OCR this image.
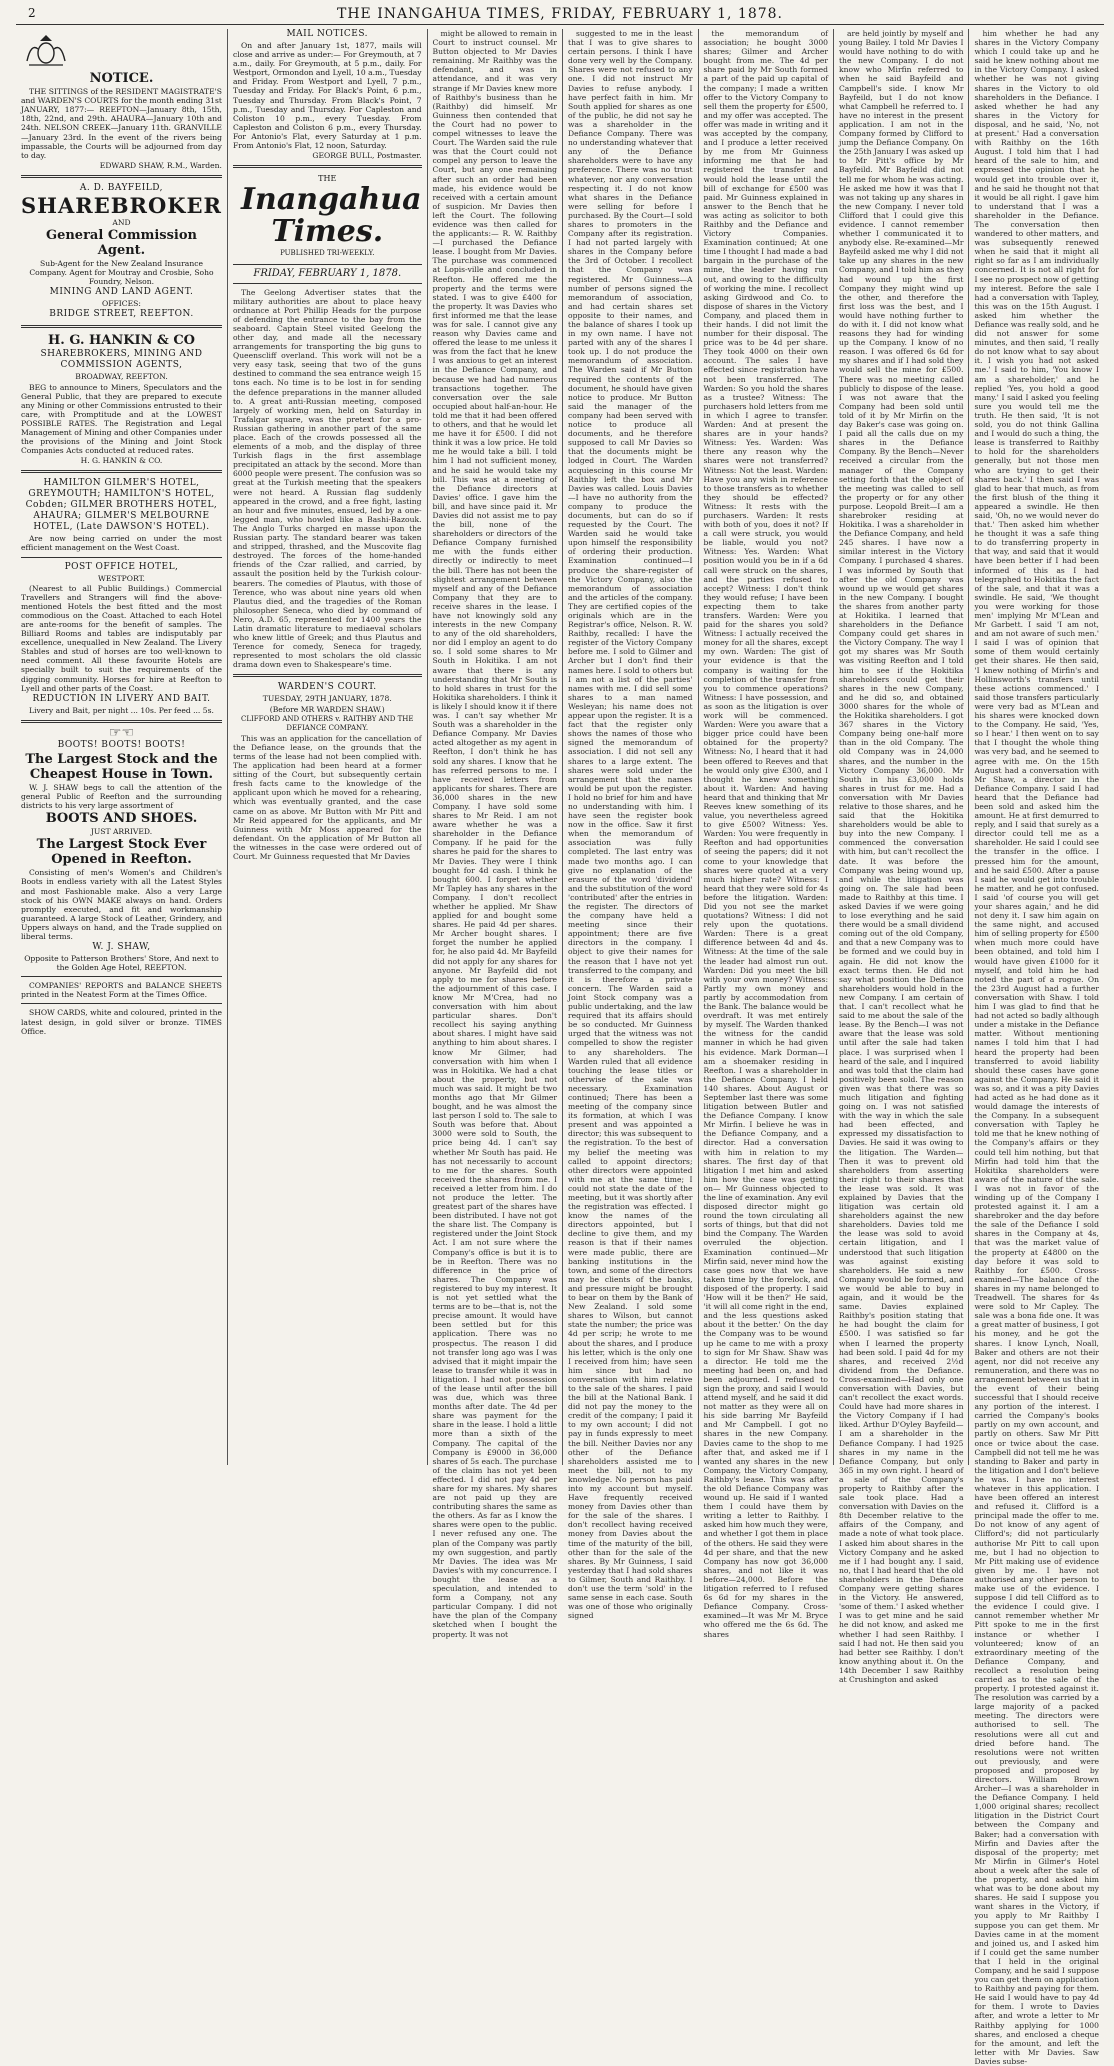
2	THE INANGAHUA TIMES, FRIDAY, FEBRUARY 1, 1878.

NOTICE.

THE SITTINGS of the RESIDENT MAGISTRATE'S and WARDEN'S COURTS for the month ending 31st JANUARY, 1877:— REEFTON—January 8th, 15th, 18th, 22nd, and 29th. AHAURA—January 10th and 24th. NELSON CREEK—January 11th. GRANVILLE—January 23rd. In the event of the rivers being impassable, the Courts will be adjourned from day to day.

EDWARD SHAW, R.M., Warden.

A. D. BAYFEILD,

SHAREBROKER

AND

General Commission Agent.

Sub-Agent for the New Zealand Insurance Company. Agent for Moutray and Crosbie, Soho Foundry, Nelson.

MINING AND LAND AGENT.

OFFICES:

BRIDGE STREET, REEFTON.

H. G. HANKIN & CO

SHAREBROKERS, MINING AND COMMISSION AGENTS,

BROADWAY, REEFTON.

BEG to announce to Miners, Speculators and the General Public, that they are prepared to execute any Mining or other Commissions entrusted to their care, with Promptitude and at the LOWEST POSSIBLE RATES. The Registration and Legal Management of Mining and other Companies under the provisions of the Mining and Joint Stock Companies Acts conducted at reduced rates.

H. G. HANKIN & CO.

HAMILTON GILMER'S HOTEL, GREYMOUTH; HAMILTON'S HOTEL, Cobden; GILMER BROTHERS HOTEL, AHAURA; GILMER'S MELBOURNE HOTEL, (Late DAWSON'S HOTEL).

Are now being carried on under the most efficient management on the West Coast.

POST OFFICE HOTEL,

WESTPORT.

(Nearest to all Public Buildings.) Commercial Travellers and Strangers will find the above-mentioned Hotels the best fitted and the most commodious on the Coast. Attached to each Hotel are ante-rooms for the benefit of samples. The Billiard Rooms and tables are indisputably par excellence, unequalled in New Zealand. The Livery Stables and stud of horses are too well-known to need comment. All these favourite Hotels are specially built to suit the requirements of the digging community. Horses for hire at Reefton to Lyell and other parts of the Coast.

REDUCTION IN LIVERY AND BAIT.

Livery and Bait, per night ... 10s. Per feed ... 5s.

☞☜

BOOTS! BOOTS! BOOTS!

The Largest Stock and the Cheapest House in Town.

W. J. SHAW begs to call the attention of the general Public of Reefton and the surrounding districts to his very large assortment of

BOOTS AND SHOES.

JUST ARRIVED.

The Largest Stock Ever Opened in Reefton.

Consisting of men's Women's and Children's Boots in endless variety with all the Latest Styles and most Fashionable make. Also a very Large stock of his OWN MAKE always on hand. Orders promptly executed, and fit and workmanship guaranteed. A large Stock of Leather, Grindery, and Uppers always on hand, and the Trade supplied on liberal terms.

W. J. SHAW,

Opposite to Patterson Brothers' Store, And next to the Golden Age Hotel, REEFTON.

COMPANIES' REPORTS and BALANCE SHEETS printed in the Neatest Form at the Times Office.

SHOW CARDS, white and coloured, printed in the latest design, in gold silver or bronze. TIMES Office.

MAIL NOTICES.

On and after January 1st, 1877, mails will close and arrive as under:— For Greymouth, at 7 a.m., daily. For Greymouth, at 5 p.m., daily. For Westport, Ormondon and Lyell, 10 a.m., Tuesday and Friday. From Westport and Lyell, 7 p.m., Tuesday and Friday. For Black's Point, 6 p.m., Tuesday and Thursday. From Black's Point, 7 p.m., Tuesday and Thursday. For Capleston and Coliston 10 p.m., every Tuesday. From Capleston and Coliston 6 p.m., every Thursday. For Antonio's Flat, every Saturday at 1 p.m. From Antonio's Flat, 12 noon, Saturday.

GEORGE BULL, Postmaster.

THE

Inangahua Times.

PUBLISHED TRI-WEEKLY.

FRIDAY, FEBRUARY 1, 1878.

The Geelong Advertiser states that the military authorities are about to place heavy ordnance at Port Phillip Heads for the purpose of defending the entrance to the bay from the seaboard. Captain Steel visited Geelong the other day, and made all the necessary arrangements for transporting the big guns to Queenscliff overland. This work will not be a very easy task, seeing that two of the guns destined to command the sea entrance weigh 15 tons each. No time is to be lost in for sending the defence preparations in the manner alluded to. A great anti-Russian meeting, composed largely of working men, held on Saturday in Trafalgar square, was the pretext for a pro-Russian gathering in another part of the same place. Each of the crowds possessed all the elements of a mob, and the display of three Turkish flags in the first assemblage precipitated an attack by the second. More than 6000 people were present. The confusion was so great at the Turkish meeting that the speakers were not heard. A Russian flag suddenly appeared in the crowd, and a free fight, lasting an hour and five minutes, ensued, led by a one-legged man, who howled like a Bashi-Bazouk. The Anglo Turks charged en masse upon the Russian party. The standard bearer was taken and stripped, thrashed, and the Muscovite flag destroyed. The forces of the home-handed friends of the Czar rallied, and carried, by assault the position held by the Turkish colour-bearers. The comedies of Plautus, with those of Terence, who was about nine years old when Plautus died, and the tragedies of the Roman philosopher Seneca, who died by command of Nero, A.D. 65, represented for 1400 years the Latin dramatic literature to mediaeval scholars who knew little of Greek; and thus Plautus and Terence for comedy, Seneca for tragedy, represented to most scholars the old classic drama down even to Shakespeare's time.

WARDEN'S COURT.

TUESDAY, 29TH JANUARY, 1878.

(Before MR WARDEN SHAW.)

CLIFFORD AND OTHERS v. RAITHBY AND THE DEFIANCE COMPANY.

This was an application for the cancellation of the Defiance lease, on the grounds that the terms of the lease had not been complied with. The application had been heard at a former sitting of the Court, but subsequently certain fresh facts came to the knowledge of the applicant upon which he moved for a rehearing, which was eventually granted, and the case came on as above. Mr Button with Mr Pitt and Mr Reid appeared for the applicants, and Mr Guinness with Mr Moss appeared for the defendant. On the application of Mr Button all the witnesses in the case were ordered out of Court. Mr Guinness requested that Mr Davies

might be allowed to remain in Court to instruct counsel. Mr Button objected to Mr Davies remaining. Mr Raithby was the defendant, and was in attendance, and it was very strange if Mr Davies knew more of Raithby's business than he (Raithby) did himself. Mr Guinness then contended that the Court had no power to compel witnesses to leave the Court. The Warden said the rule was that the Court could not compel any person to leave the Court, but any one remaining after such an order had been made, his evidence would be received with a certain amount of suspicion. Mr Davies then left the Court. The following evidence was then called for the applicants:— R. W. Raithby—I purchased the Defiance lease. I bought from Mr Davies. The purchase was commenced at Lopis-ville and concluded in Reefton. He offered me the property and the terms were stated. I was to give £400 for the property. It was Davies who first informed me that the lease was for sale. I cannot give any reason why Davies came and offered the lease to me unless it was from the fact that he knew I was anxious to get an interest in the Defiance Company, and because we had had numerous transactions together. The conversation over the sale occupied about half-an-hour. He told me that it had been offered to others, and that he would let me have it for £500. I did not think it was a low price. He told me he would take a bill. I told him I had not sufficient money, and he said he would take my bill. This was at a meeting of the Defiance directors at Davies' office. I gave him the bill, and have since paid it. Mr Davies did not assist me to pay the bill, none of the shareholders or directors of the Defiance Company furnished me with the funds either directly or indirectly to meet the bill. There has not been the slightest arrangement between myself and any of the Defiance Company that they are to receive shares in the lease. I have not knowingly sold any interests in the new Company to any of the old shareholders, nor did I employ an agent to do so. I sold some shares to Mr South in Hokitika. I am not aware that there is any understanding that Mr South is to hold shares in trust for the Hokitika shareholders. I think it is likely I should know it if there was. I can't say whether Mr South was a shareholder in the Defiance Company. Mr Davies acted altogether as my agent in Reefton, I don't think he has sold any shares. I know that he has referred persons to me. I have received letters from applicants for shares. There are 36,000 shares in the new Company. I have sold some shares to Mr Reid. I am not aware whether he was a shareholder in the Defiance Company. If he paid for the shares he paid for the shares to Mr Davies. They were I think bought for 4d cash. I think he bought 600. I forget whether Mr Tapley has any shares in the Company. I don't recollect whether he applied. Mr Shaw applied for and bought some shares. He paid 4d per shares. Mr Archer bought shares. I forget the number he applied for, he also paid 4d. Mr Bayfeild did not apply for any shares for anyone. Mr Bayfeild did not apply to me for shares before the adjournment of this case. I know Mr M'Crea, had no conversation with him about particular shares. Don't recollect his saying anything about shares. I might have said anything to him about shares. I know Mr Gilmer, had conversation with him when I was in Hokitika. We had a chat about the property, but not much was said. It might be two months ago that Mr Gilmer bought, and he was almost the last person I sold to. The sale to South was before that. About 3000 were sold to South, the price being 4d. I can't say whether Mr South has paid. He has not necessarily to account to me for the shares. South received the shares from me. I received a letter from him. I do not produce the letter. The greatest part of the shares have been distributed. I have not got the share list. The Company is registered under the Joint Stock Act. I am not sure where the Company's office is but it is to be in Reefton. There was no difference in the price of shares. The Company was registered to buy my interest. It is not yet settled what the terms are to be—that is, not the precise amount. It would have been settled but for this application. There was no prospectus. The reason I did not transfer long ago was I was advised that it might impair the lease to transfer while it was in litigation. I had not possession of the lease until after the bill was due, which was three months after date. The 4d per share was payment for the share in the lease. I hold a little more than a sixth of the Company. The capital of the Company is £9000 in 36,000 shares of 5s each. The purchase of the claim has not yet been effected. I did not pay 4d per share for my shares. My shares are not paid up they are contributing shares the same as the others. As far as I know the shares were open to the public. I never refused any one. The plan of the Company was partly my own suggestion, and partly Mr Davies. The idea was Mr Davies's with my concurrence. I bought the lease as a speculation, and intended to form a Company, not any particular Company. I did not have the plan of the Company sketched when I bought the property. It was not

suggested to me in the least that I was to give shares to certain persons. I think I have done very well by the Company. Shares were not refused to any one. I did not instruct Mr Davies to refuse anybody. I have perfect faith in him. Mr South applied for shares as one of the public, he did not say he was a shareholder in the Defiance Company. There was no understanding whatever that any of the Defiance shareholders were to have any preference. There was no trust whatever, nor any conversation respecting it. I do not know what shares in the Defiance were selling for before I purchased. By the Court—I sold shares to promoters in the Company after its registration. I had not parted largely with shares in the Company before the 3rd of October. I recollect that the Company was registered. Mr Guinness—A number of persons signed the memorandum of association, and had certain shares set opposite to their names, and the balance of shares I took up in my own name. I have not parted with any of the shares I took up. I do not produce the memorandum of association. The Warden said if Mr Button required the contents of the document, he should have given notice to produce. Mr Button said the manager of the company had been served with notice to produce all documents, and he therefore supposed to call Mr Davies so that the documents might be lodged in Court. The Warden acquiescing in this course Mr Raithby left the box and Mr Davies was called. Louis Davies—I have no authority from the company to produce the documents, but can do so if requested by the Court. The Warden said he would take upon himself the responsibility of ordering their production. Examination continued—I produce the share-register of the Victory Company, also the memorandum of association and the articles of the company. They are certified copies of the originals which are in the Registrar's office, Nelson. R. W. Raithby, recalled: I have the register of the Victory Company before me. I sold to Gilmer and Archer but I don't find their names here. I sold to others but I am not a list of the parties' names with me. I did sell some shares to a man named Wesleyan; his name does not appear upon the register. It is a fact that the register only shows the names of those who signed the memorandum of association. I did not sell any shares to a large extent. The shares were sold under the arrangement that the names would be put upon the register. I hold no brief for him and have no understanding with him. I have seen the register book now in the office. Saw it first when the memorandum of association was fully completed. The last entry was made two months ago. I can give no explanation of the erasure of the word 'dividend' and the substitution of the word 'contributed' after the entries in the register. The directors of the company have held a meeting since their appointment; there are five directors in the company. I object to give their names for the reason that I have not yet transferred to the company, and it is therefore a private concern. The Warden said a Joint Stock company was a public undertaking, and the law required that its affairs should be so conducted. Mr Guinness urged that the witness was not compelled to show the register to any shareholders. The Warden ruled that all evidence touching the lease titles or otherwise of the sale was necessary. Examination continued; There has been a meeting of the company since its formation, at which I was present and was appointed a director; this was subsequent to the registration. To the best of my belief the meeting was called to appoint directors; other directors were appointed with me at the same time; I could not state the date of the meeting, but it was shortly after the registration was effected. I know the names of the directors appointed, but I decline to give them, and my reason is that if their names were made public, there are banking institutions in the town, and some of the directors may be clients of the banks, and pressure might be brought to bear on them by the Bank of New Zealand. I sold some shares to Wilson, but cannot state the number; the price was 4d per scrip; he wrote to me about the shares, and I produce his letter, which is the only one I received from him; have seen him since but had no conversation with him relative to the sale of the shares. I paid the bill at the National Bank. I did not pay the money to the credit of the company; I paid it to my own account; I did not pay in funds expressly to meet the bill. Neither Davies nor any other of the Defiance shareholders assisted me to meet the bill, not to my knowledge. No person has paid into my account but myself. Have frequently received money from Davies other than for the sale of the shares. I don't recollect having received money from Davies about the time of the maturity of the bill, other than for the sale of the shares. By Mr Guinness, I said yesterday that I had sold shares to Gilmer, South and Raithby. I don't use the term 'sold' in the same sense in each case. South was one of those who originally signed

the memorandum of association; he bought 3000 shares; Gilmer and Archer bought from me. The 4d per share paid by Mr South formed a part of the paid up capital of the company; I made a written offer to the Victory Company to sell them the property for £500, and my offer was accepted. The offer was made in writing and it was accepted by the company, and I produce a letter received by me from Mr Guinness informing me that he had registered the transfer and would hold the lease until the bill of exchange for £500 was paid. Mr Guinness explained in answer to the Bench that he was acting as solicitor to both Raithby and the Defiance and Victory Companies. Examination continued; At one time I thought I had made a bad bargain in the purchase of the mine, the leader having run out, and owing to the difficulty of working the mine. I recollect asking Girdwood and Co. to dispose of shares in the Victory Company, and placed them in their hands. I did not limit the number for their disposal. The price was to be 4d per share. They took 4000 on their own account. The sales I have effected since registration have not been transferred. The Warden: So you hold the shares as a trustee? Witness: The purchasers hold letters from me in which I agree to transfer. Warden: And at present the shares are in your hands? Witness: Yes. Warden: Was there any reason why the shares were not transferred? Witness: Not the least. Warden: Have you any wish in reference to those transfers as to whether they should be effected? Witness: It rests with the purchasers. Warden: It rests with both of you, does it not? If a call were struck, you would be liable, would you not? Witness: Yes. Warden: What position would you be in if a 6d call were struck on the shares, and the parties refused to accept? Witness: I don't think they would refuse; I have been expecting them to take transfers. Warden: Were you paid for the shares you sold? Witness: I actually received the money for all the shares, except my own. Warden: The gist of your evidence is that the company is waiting for the completion of the transfer from you to commence operations? Witness: I have possession, and as soon as the litigation is over work will be commenced. Warden: Were you aware that a bigger price could have been obtained for the property? Witness: No, I heard that it had been offered to Reeves and that he would only give £300, and I thought he knew something about it. Warden: And having heard that and thinking that Mr Reeves knew something of its value, you nevertheless agreed to give £500? Witness: Yes. Warden: You were frequently in Reefton and had opportunities of seeing the papers; did it not come to your knowledge that shares were quoted at a very much higher rate? Witness: I heard that they were sold for 4s before the litigation. Warden: Did you not see the market quotations? Witness: I did not rely upon the quotations. Warden: There is a great difference between 4d and 4s. Witness: At the time of the sale the leader had almost run out. Warden: Did you meet the bill with your own money? Witness: Partly my own money and partly by accommodation from the Bank. The balance would be overdraft. It was met entirely by myself. The Warden thanked the witness for the candid manner in which he had given his evidence. Mark Dorman—I am a shoemaker residing in Reefton. I was a shareholder in the Defiance Company. I held 140 shares. About August or September last there was some litigation between Butler and the Defiance Company. I know Mr Mirfin. I believe he was in the Defiance Company, and a director. Had a conversation with him in relation to my shares. The first day of that litigation I met him and asked him how the case was getting on— Mr Guinness objected to the line of examination. Any evil disposed director might go round the town circulating all sorts of things, but that did not bind the Company. The Warden overruled the objection. Examination continued—Mr Mirfin said, never mind how the case goes now that we have taken time by the forelock, and disposed of the property. I said 'How will it be then?' He said, 'it will all come right in the end, and the less questions asked about it the better.' On the day the Company was to be wound up he came to me with a proxy to sign for Mr Shaw. Shaw was a director. He told me the meeting had been on, and had been adjourned. I refused to sign the proxy, and said I would attend myself, and he said it did not matter as they were all on his side barring Mr Bayfeild and Mr Campbell. I got no shares in the new Company. Davies came to the shop to me after that, and asked me if I wanted any shares in the new Company, the Victory Company, Raithby's lease. This was after the old Defiance Company was wound up. He said if I wanted them I could have them by writing a letter to Raithby. I asked him how much they were, and whether I got them in place of the others. He said they were 4d per share, and that the new Company has now got 36,000 shares, and not like it was before—24,000. Before the litigation referred to I refused 6s 6d for my shares in the Defiance Company. Cross-examined—It was Mr M. Bryce who offered me the 6s 6d. The shares

are held jointly by myself and young Bailey. I told Mr Davies I would have nothing to do with the new Company. I do not know who Mirfin referred to when he said Bayfeild and Campbell's side. I know Mr Bayfeild, but I do not know what Campbell he referred to. I have no interest in the present application. I am not in the Company formed by Clifford to jump the Defiance Company. On the 25th January I was asked up to Mr Pitt's office by Mr Bayfeild. Mr Bayfeild did not tell me for whom he was acting. He asked me how it was that I was not taking up any shares in the new Company. I never told Clifford that I could give this evidence. I cannot remember whether I communicated it to anybody else. Re-examined—Mr Bayfeild asked me why I did not take up any shares in the new Company, and I told him as they had wound up the first Company they might wind up the other, and therefore the first loss was the best, and I would have nothing further to do with it. I did not know what reasons they had for winding up the Company. I know of no reason. I was offered 6s 6d for my shares and if I had sold they would sell the mine for £500. There was no meeting called publicly to dispose of the lease. I was not aware that the Company had been sold until told of it by Mr Mirfin on the day Baker's case was going on. I paid all the calls due on my shares in the Defiance Company. By the Bench—Never received a circular from the manager of the Company setting forth that the object of the meeting was called to sell the property or for any other purpose. Leopold Breit—I am a sharebroker residing at Hokitika. I was a shareholder in the Defiance Company, and held 245 shares. I have now a similar interest in the Victory Company. I purchased 4 shares. I was informed by South that after the old Company was wound up we would get shares in the new Company. I bought the shares from another party at Hokitika. I learned that shareholders in the Defiance Company could get shares in the Victory Company. The way I got my shares was Mr South was visiting Reefton and I told him to see if the Hokitika shareholders could get their shares in the new Company, and he did so, and obtained 3000 shares for the whole of the Hokitika shareholders. I got 367 shares in the Victory Company being one-half more than in the old Company. The old Company was in 24,000 shares, and the number in the Victory Company 36,000. Mr South in his £3,000 holds shares in trust for me. Had a conversation with Mr Davies relative to those shares, and he said that the Hokitika shareholders would be able to buy into the new Company. I commenced the conversation with him, but can't recollect the date. It was before the Company was being wound up, and while the litigation was going on. The sale had been made to Raithby at this time. I asked Davies if we were going to lose everything and he said there would be a small dividend coming out of the old Company, and that a new Company was to be formed and we could buy in again. He did not know the exact terms then. He did not say what position the Defiance shareholders would hold in the new Company. I am certain of that. I can't recollect what he said to me about the sale of the lease. By the Bench—I was not aware that the lease was sold until after the sale had taken place. I was surprised when I heard of the sale, and I inquired and was told that the claim had positively been sold. The reason given was that there was so much litigation and fighting going on. I was not satisfied with the way in which the sale had been effected, and expressed my dissatisfaction to Davies. He said it was owing to the litigation. The Warden—Then it was to prevent old shareholders from asserting their right to their shares that the lease was sold. It was explained by Davies that the litigation was certain old shareholders against the new shareholders. Davies told me the lease was sold to avoid certain litigation, and I understood that such litigation was against existing shareholders. He said a new Company would be formed, and we would be able to buy in again, and it would be the same. Davies explained Raithby's position stating that he had bought the claim for £500. I was satisfied so far when I learned the property had been sold. I paid 4d for my shares, and received 2½d dividend from the Defiance. Cross-examined—Had only one conversation with Davies, but can't recollect the exact words. Could have had more shares in the Victory Company if I had liked. Arthur D'Oyley Bayfeild—I am a shareholder in the Defiance Company. I had 1925 shares in my name in the Defiance Company, but only 365 in my own right. I heard of a sale of the Company's property to Raithby after the sale took place. Had a conversation with Davies on the 8th December relative to the affairs of the Company, and made a note of what took place. I asked him about shares in the Victory Company and he asked me if I had bought any. I said, no, that I had heard that the old shareholders in the Defiance Company were getting shares in the Victory. He answered, 'some of them.' I asked whether I was to get mine and he said he did not know, and asked me whether I had seen Raithby. I said I had not. He then said you had better see Raithby. I don't know anything about it. On the 14th December I saw Raithby at Crushington and asked

him whether he had any shares in the Victory Company which I could take up and he said he knew nothing about me in the Victory Company. I asked whether he was not giving shares in the Victory to old shareholders in the Defiance. I asked whether he had any shares in the Victory for disposal, and he said, 'No, not at present.' Had a conversation with Raithby on the 16th August. I told him that I had heard of the sale to him, and expressed the opinion that he would get into trouble over it, and he said he thought not that it would be all right. I gave him to understand that I was a shareholder in the Defiance. The conversation then wandered to other matters, and was subsequently renewed when he said that it might all right so far as I am individually concerned. It is not all right for I see no prospect now of getting my interest. Before the sale I had a conversation with Tapley, this was on the 15th August. I asked him whether the Defiance was really sold, and he did not answer for some minutes, and then said, 'I really do not know what to say about it. I wish you had not asked me.' I said to him, 'You know I am a shareholder,' and he replied 'Yes, you hold a good many.' I said I asked you feeling sure you would tell me the truth. He then said, 'It is not sold, you do not think Gallina and I would do such a thing, the lease is transferred to Raithby to hold for the shareholders generally, but not those men who are trying to get their shares back.' I then said I was glad to hear that much, as from the first blush of the thing it appeared a swindle. He then said, 'Oh, no we would never do that.' Then asked him whether he thought it was a safe thing to do transferring property in that way, and said that it would have been better if I had been informed of this as I had telegraphed to Hokitika the fact of the sale, and that it was a swindle. He said, 'We thought you were working for those men' implying Mr M'Lean and Mr Garbett. I said 'I am not, and am not aware of such men.' I said I was of opinion that some of them would certainly get their shares. He then said, 'I knew nothing of Mirfin's and Hollinsworth's transfers until these actions commenced.' I said those transfers particularly were very bad as M'Lean and his shares were knocked down to the Company. He said, 'Yes, so I hear.' I then went on to say that I thought the whole thing was very bad, and he seemed to agree with me. On the 15th August had a conversation with Mr Shaw, a director in the Defiance Company. I said I had heard that the Defiance had been sold and asked him the amount. He at first demurred to reply, and I said that surely as a director could tell me as a shareholder. He said I could see the transfer in the office. I pressed him for the amount, and he said £500. After a pause I said he would get into trouble he matter, and he got confused. I said 'of course you will get your shares again,' and he did not deny it. I saw him again on the same night, and accused him of selling property for £500 when much more could have been obtained, and told him I would have given £1000 for it myself, and told him he had noted the part of a rogue. On the 23rd August had a further conversation with Shaw. I told him I was glad to find that he had not acted so badly although under a mistake in the Defiance matter. Without mentioning names I told him that I had heard the property had been transferred to avoid liability should these cases have gone against the Company. He said it was so, and it was a pity Davies had acted as he had done as it would damage the interests of the Company. In a subsequent conversation with Tapley he told me that he knew nothing of the Company's affairs or they could tell him nothing, but that Mirfin had told him that the Hokitika shareholders were aware of the nature of the sale. I was not in favor of the winding up of the Company I protested against it. I am a sharebroker and the day before the sale of the Defiance I sold shares in the Company at 4s, that was the market value of the property at £4800 on the day before it was sold to Raithby for £500. Cross-examined—The balance of the shares in my name belonged to Treadwell. The shares for 4s were sold to Mr Capley. The sale was a bona fide one. It was a great matter of business, I got his money, and he got the shares. I know Lynch, Noall, Baker and others are not their agent, nor did not receive any remuneration, and there was no arrangement between us that in the event of their being successful that I should receive any portion of the interest. I carried the Company's books partly on my own account, and partly on others. Saw Mr Pitt once or twice about the case. Campbell did not tell me he was standing to Baker and party in the litigation and I don't believe he was. I have no interest whatever in this application. I have been offered an interest and refused it. Clifford is a principal made the offer to me. Do not know of any agent of Clifford's; did not particularly authorise Mr Pitt to call upon me, but I had no objection to Mr Pitt making use of evidence given by me. I have not authorised any other person to make use of the evidence. I suppose I did tell Clifford as to the evidence I could give. I cannot remember whether Mr Pitt spoke to me in the first instance or whether I volunteered; know of an extraordinary meeting of the Defiance Company, and recollect a resolution being carried as to the sale of the property. I protested against it. The resolution was carried by a large majority of a packed meeting. The directors were authorised to sell. The resolutions were all cut and dried before hand. The resolutions were not written out previously, and were proposed and proposed by directors. William Brown Archer—I was a shareholder in the Defiance Company. I held 1,000 original shares; recollect litigation in the District Court between the Company and Baker; had a conversation with Mirfin and Davies after the disposal of the property; met Mr Mirfin in Gilmer's Hotel about a week after the sale of the property, and asked him what was to be done about my shares. He said I suppose you want shares in the Victory, if you apply to Mr Raithby I suppose you can get them. Mr Davies came in at the moment and joined us, and I asked him if I could get the same number that I held in the original Company, and he said I suppose you can get them on application to Raithby and paying for them. He said I would have to pay 4d for them. I wrote to Davies after, and wrote a letter to Mr Raithby applying for 1000 shares, and enclosed a cheque for the amount, and left the letter with Mr Davies. Saw Davies subse-
